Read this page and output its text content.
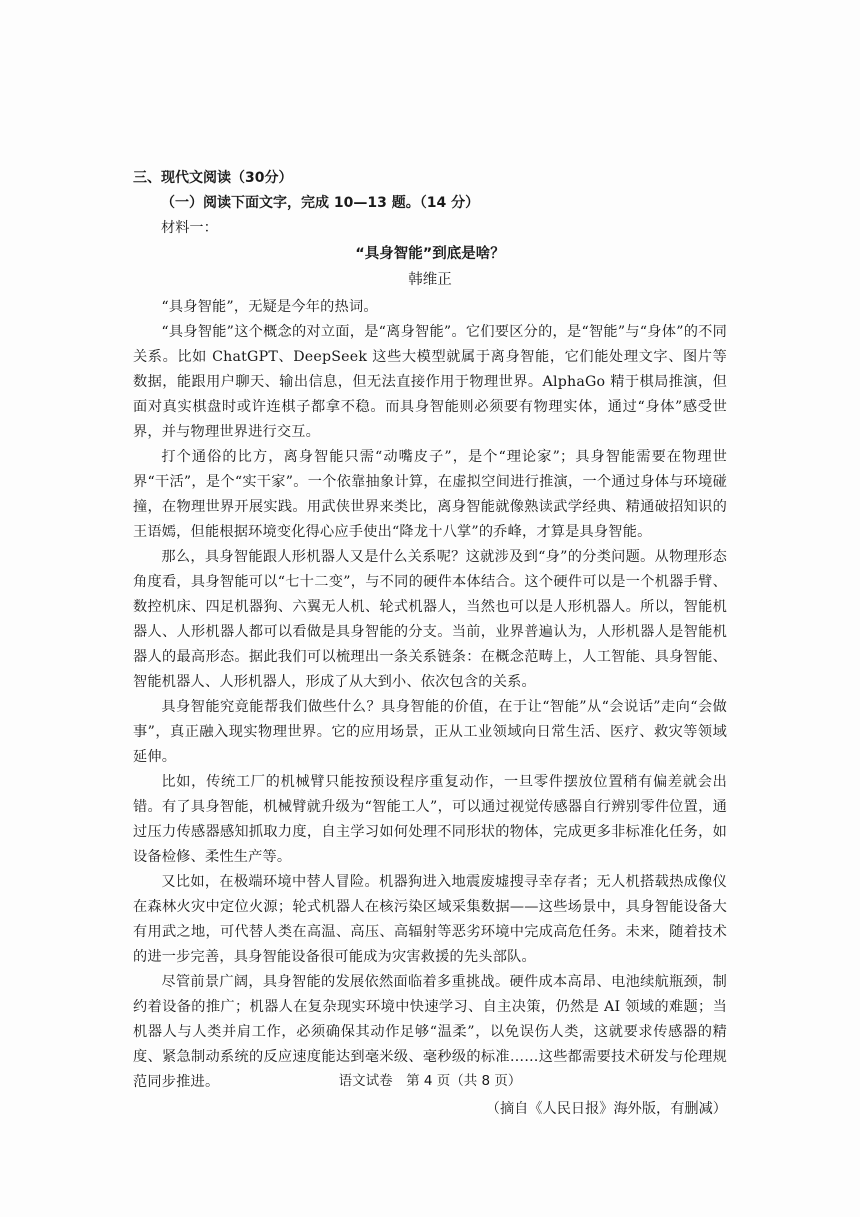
三、现代文阅读（30分）

（一）阅读下面文字，完成 10—13 题。（14 分）

材料一：

“具身智能”到底是啥？

韩维正

“具身智能”，无疑是今年的热词。

“具身智能”这个概念的对立面，是“离身智能”。它们要区分的，是“智能”与“身体”的不同关系。比如 ChatGPT、DeepSeek 这些大模型就属于离身智能，它们能处理文字、图片等数据，能跟用户聊天、输出信息，但无法直接作用于物理世界。AlphaGo 精于棋局推演，但面对真实棋盘时或许连棋子都拿不稳。而具身智能则必须要有物理实体，通过“身体”感受世界，并与物理世界进行交互。

打个通俗的比方，离身智能只需“动嘴皮子”，是个“理论家”；具身智能需要在物理世界“干活”，是个“实干家”。一个依靠抽象计算，在虚拟空间进行推演，一个通过身体与环境碰撞，在物理世界开展实践。用武侠世界来类比，离身智能就像熟读武学经典、精通破招知识的王语嫣，但能根据环境变化得心应手使出“降龙十八掌”的乔峰，才算是具身智能。

那么，具身智能跟人形机器人又是什么关系呢？这就涉及到“身”的分类问题。从物理形态角度看，具身智能可以“七十二变”，与不同的硬件本体结合。这个硬件可以是一个机器手臂、数控机床、四足机器狗、六翼无人机、轮式机器人，当然也可以是人形机器人。所以，智能机器人、人形机器人都可以看做是具身智能的分支。当前，业界普遍认为，人形机器人是智能机器人的最高形态。据此我们可以梳理出一条关系链条：在概念范畴上，人工智能、具身智能、智能机器人、人形机器人，形成了从大到小、依次包含的关系。

具身智能究竟能帮我们做些什么？具身智能的价值，在于让“智能”从“会说话”走向“会做事”，真正融入现实物理世界。它的应用场景，正从工业领域向日常生活、医疗、救灾等领域延伸。

比如，传统工厂的机械臂只能按预设程序重复动作，一旦零件摆放位置稍有偏差就会出错。有了具身智能，机械臂就升级为“智能工人”，可以通过视觉传感器自行辨别零件位置，通过压力传感器感知抓取力度，自主学习如何处理不同形状的物体，完成更多非标准化任务，如设备检修、柔性生产等。

又比如，在极端环境中替人冒险。机器狗进入地震废墟搜寻幸存者；无人机搭载热成像仪在森林火灾中定位火源；轮式机器人在核污染区域采集数据——这些场景中，具身智能设备大有用武之地，可代替人类在高温、高压、高辐射等恶劣环境中完成高危任务。未来，随着技术的进一步完善，具身智能设备很可能成为灾害救援的先头部队。

尽管前景广阔，具身智能的发展依然面临着多重挑战。硬件成本高昂、电池续航瓶颈，制约着设备的推广；机器人在复杂现实环境中快速学习、自主决策，仍然是 AI 领域的难题；当机器人与人类并肩工作，必须确保其动作足够“温柔”，以免误伤人类，这就要求传感器的精度、紧急制动系统的反应速度能达到毫米级、毫秒级的标准……这些都需要技术研发与伦理规范同步推进。

（摘自《人民日报》海外版，有删减）

语文试卷　第 4 页（共 8 页）
